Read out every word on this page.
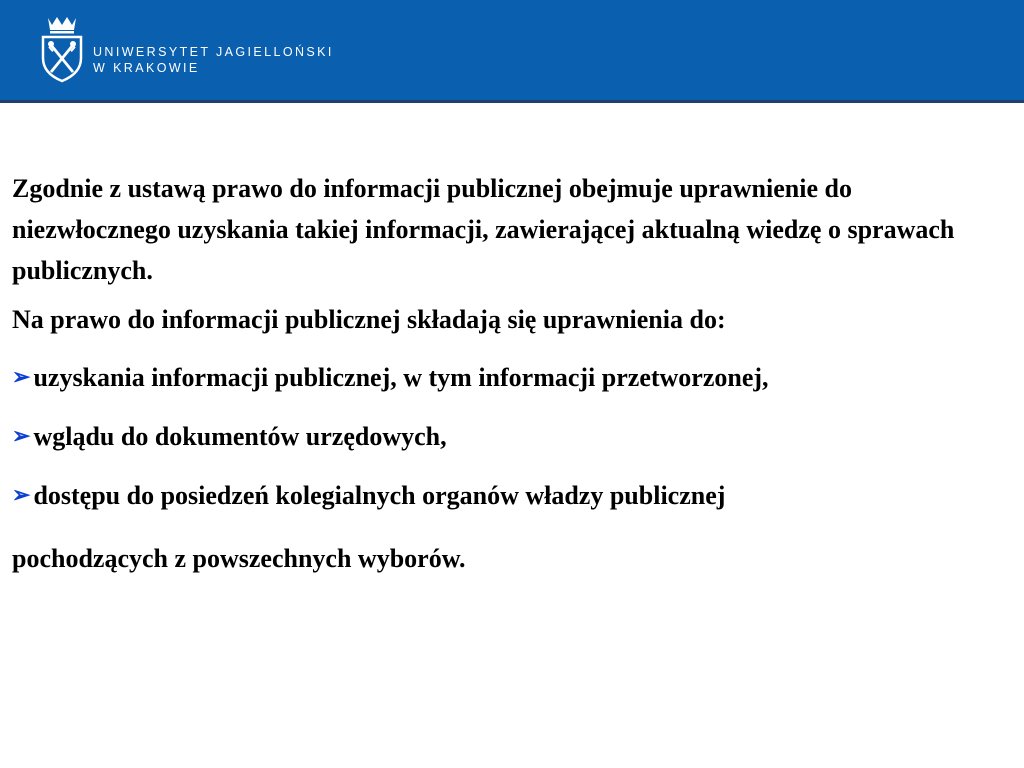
UNIWERSYTET JAGIELLOŃSKI
W KRAKOWIE

Zgodnie z ustawą prawo do informacji publicznej obejmuje uprawnienie do niezwłocznego uzyskania takiej informacji, zawierającej aktualną wiedzę o sprawach publicznych.

Na prawo do informacji publicznej składają się uprawnienia do:

➢ uzyskania informacji publicznej, w tym informacji przetworzonej,
➢ wglądu do dokumentów urzędowych,
➢ dostępu do posiedzeń kolegialnych organów władzy publicznej

pochodzących z powszechnych wyborów.
